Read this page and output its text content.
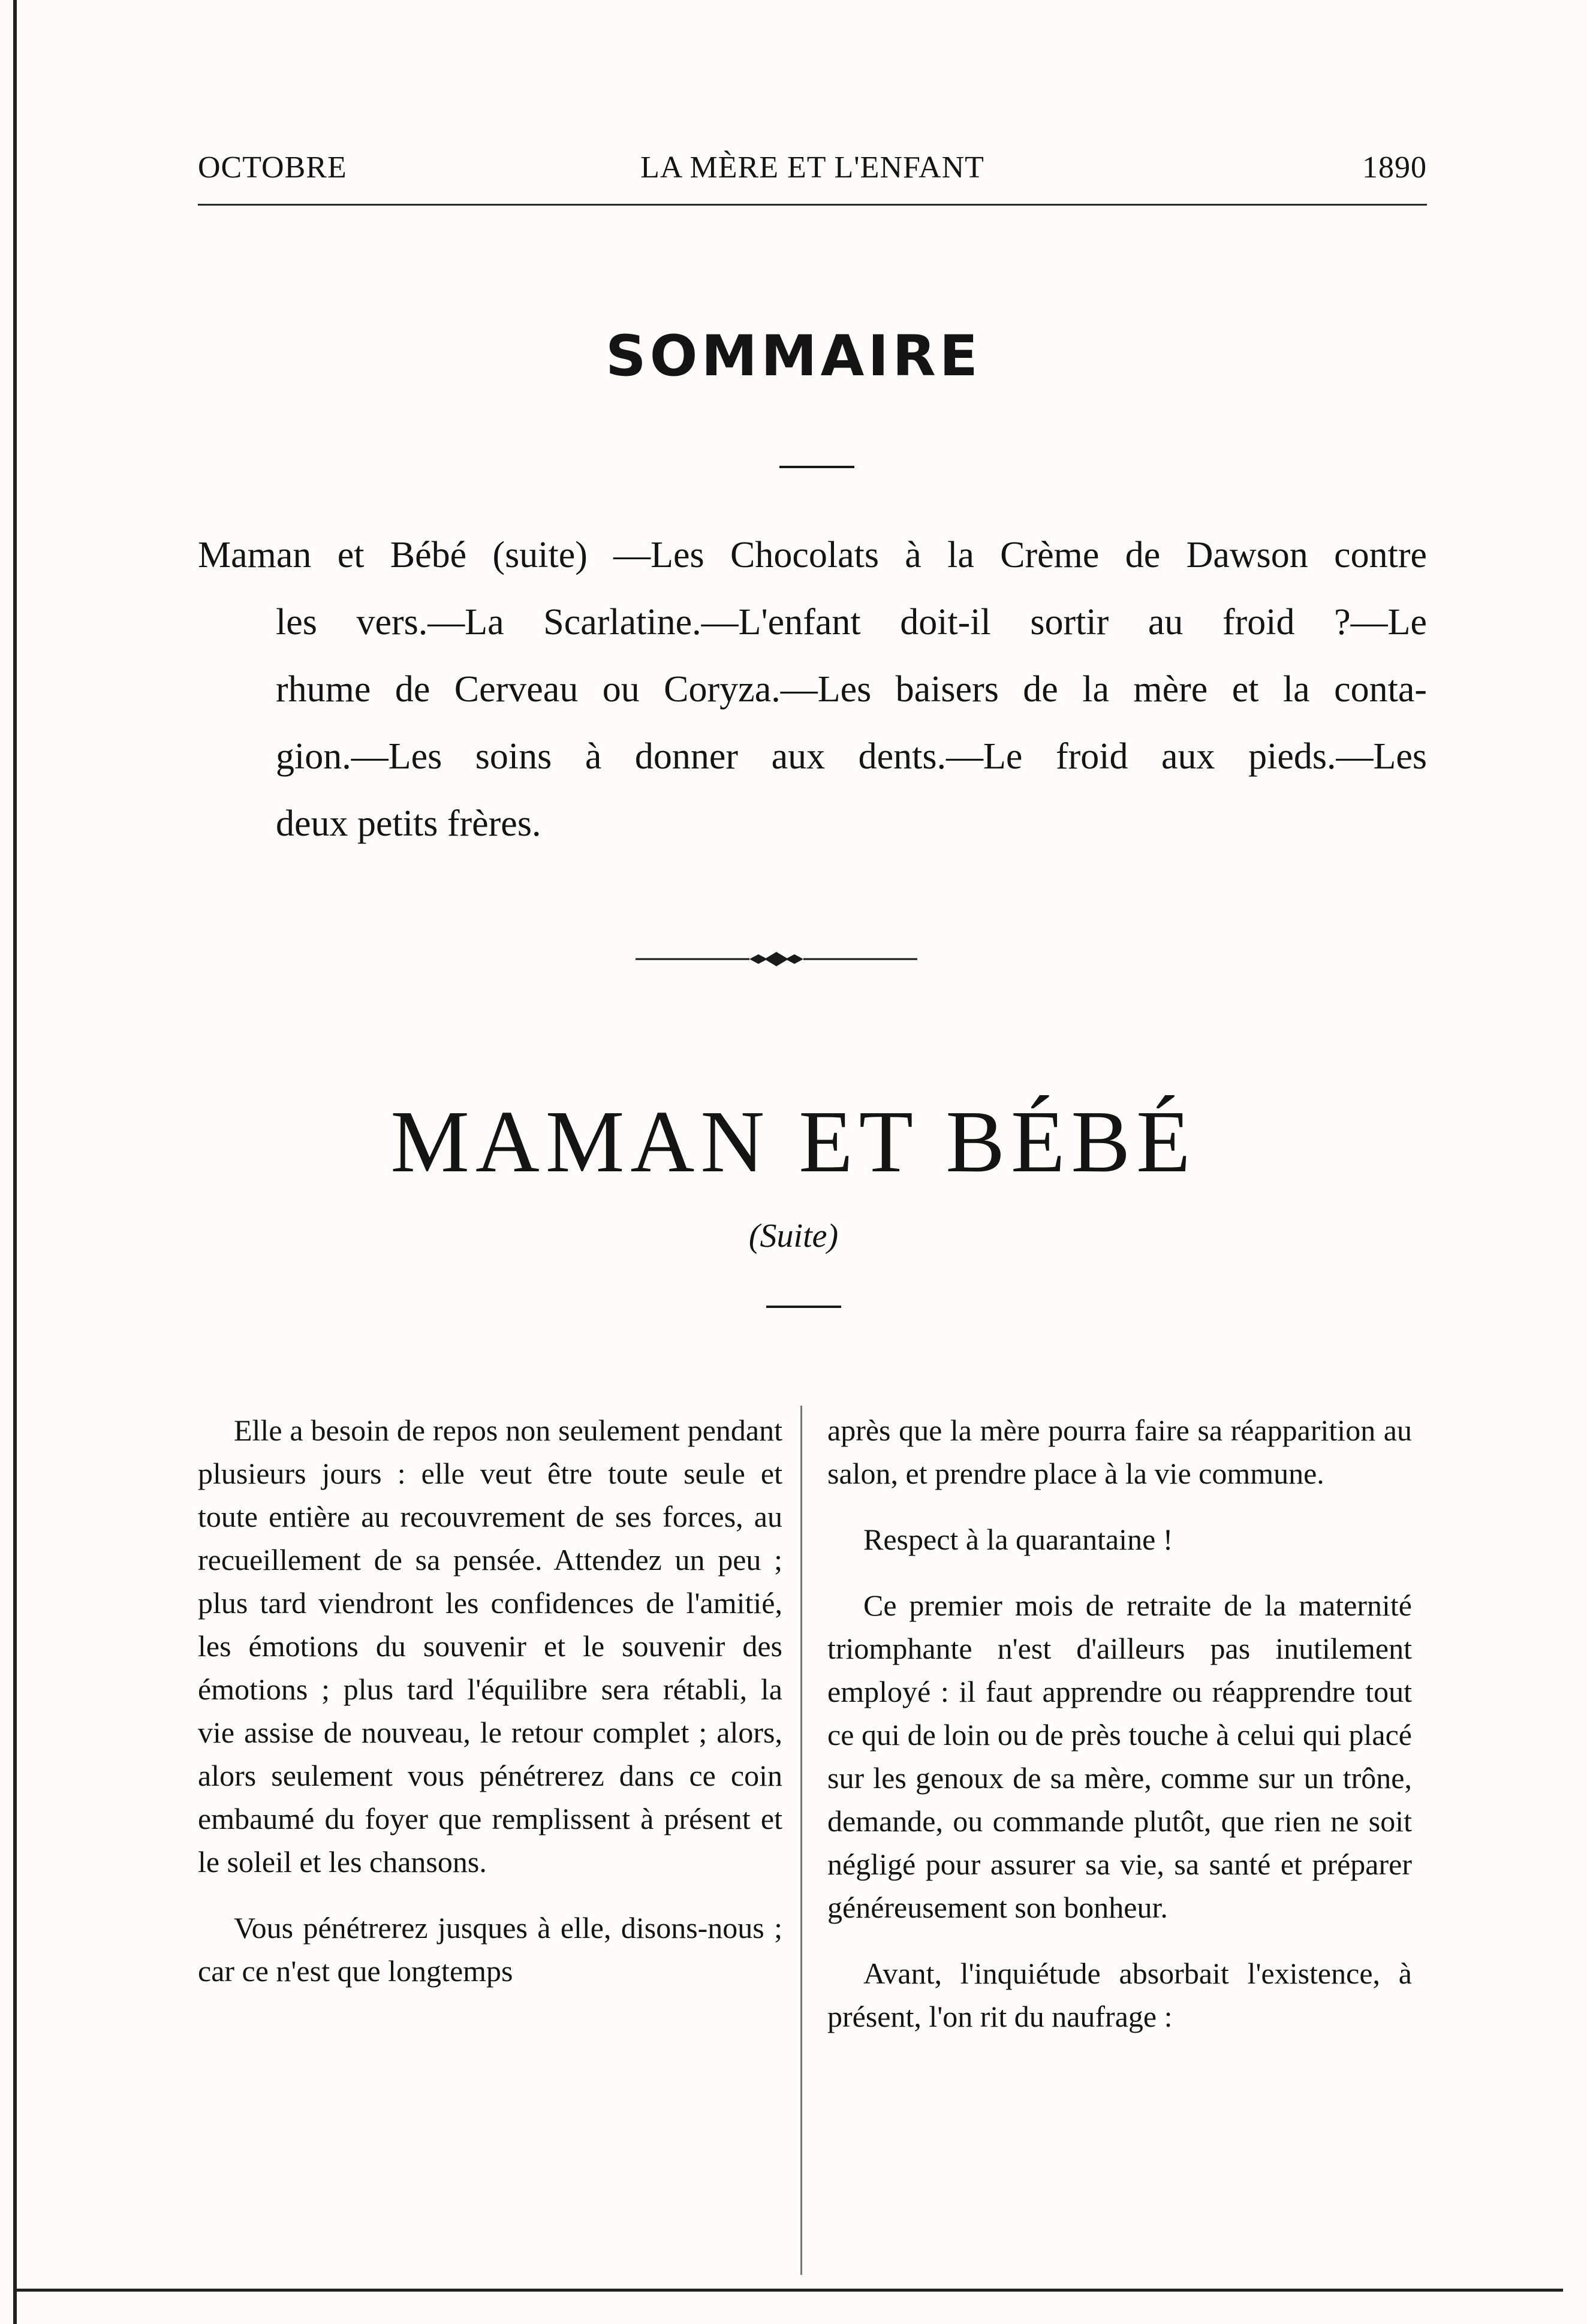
OCTOBRE	LA MÈRE ET L'ENFANT	1890
SOMMAIRE
Maman et Bébé (suite) —Les Chocolats à la Crème de Dawson contre
les vers.—La Scarlatine.—L'enfant doit-il sortir au froid ?—Le
rhume de Cerveau ou Coryza.—Les baisers de la mère et la conta-
gion.—Les soins à donner aux dents.—Le froid aux pieds.—Les
deux petits frères.
MAMAN ET BÉBÉ
(Suite)

Elle a besoin de repos non seulement pendant plusieurs jours : elle veut être toute seule et toute entière au recouvrement de ses forces, au recueillement de sa pensée. Attendez un peu ; plus tard viendront les confidences de l'amitié, les émotions du souvenir et le souvenir des émotions ; plus tard l'équilibre sera rétabli, la vie assise de nouveau, le retour complet ; alors, alors seulement vous pénétrerez dans ce coin embaumé du foyer que remplissent à présent et le soleil et les chansons.

Vous pénétrerez jusques à elle, disons-nous ; car ce n'est que longtemps

après que la mère pourra faire sa réapparition au salon, et prendre place à la vie commune.

Respect à la quarantaine !

Ce premier mois de retraite de la maternité triomphante n'est d'ailleurs pas inutilement employé : il faut apprendre ou réapprendre tout ce qui de loin ou de près touche à celui qui placé sur les genoux de sa mère, comme sur un trône, demande, ou commande plutôt, que rien ne soit négligé pour assurer sa vie, sa santé et préparer généreusement son bonheur.

Avant, l'inquiétude absorbait l'existence, à présent, l'on rit du naufrage :
